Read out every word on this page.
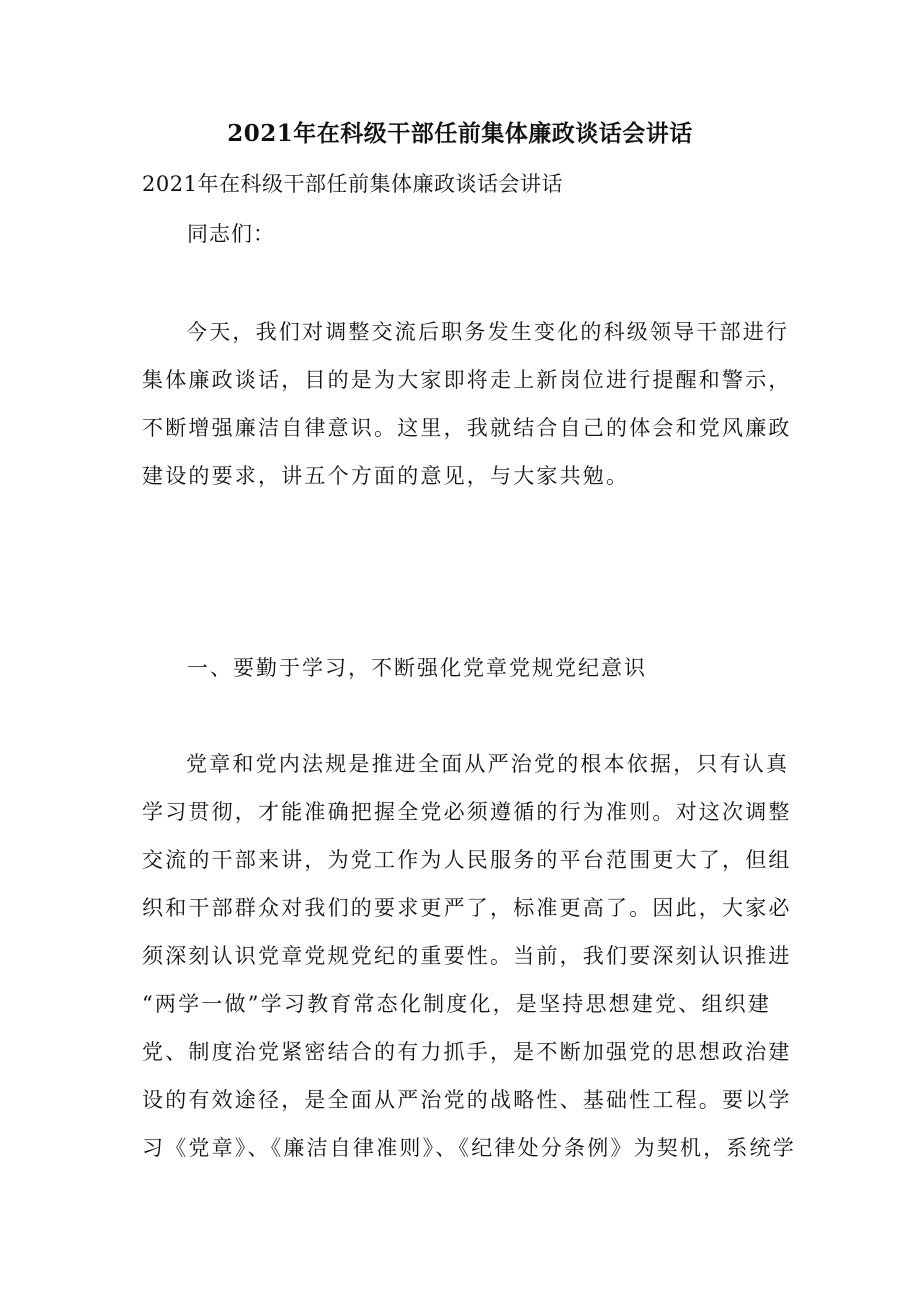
2021年在科级干部任前集体廉政谈话会讲话
2021年在科级干部任前集体廉政谈话会讲话
同志们：
今天，我们对调整交流后职务发生变化的科级领导干部进行
集体廉政谈话，目的是为大家即将走上新岗位进行提醒和警示，
不断增强廉洁自律意识。这里，我就结合自己的体会和党风廉政
建设的要求，讲五个方面的意见，与大家共勉。
一、要勤于学习，不断强化党章党规党纪意识
党章和党内法规是推进全面从严治党的根本依据，只有认真
学习贯彻，才能准确把握全党必须遵循的行为准则。对这次调整
交流的干部来讲，为党工作为人民服务的平台范围更大了，但组
织和干部群众对我们的要求更严了，标准更高了。因此，大家必
须深刻认识党章党规党纪的重要性。当前，我们要深刻认识推进
“两学一做”学习教育常态化制度化，是坚持思想建党、组织建
党、制度治党紧密结合的有力抓手，是不断加强党的思想政治建
设的有效途径，是全面从严治党的战略性、基础性工程。要以学
习《党章》、《廉洁自律准则》、《纪律处分条例》为契机，系统学
